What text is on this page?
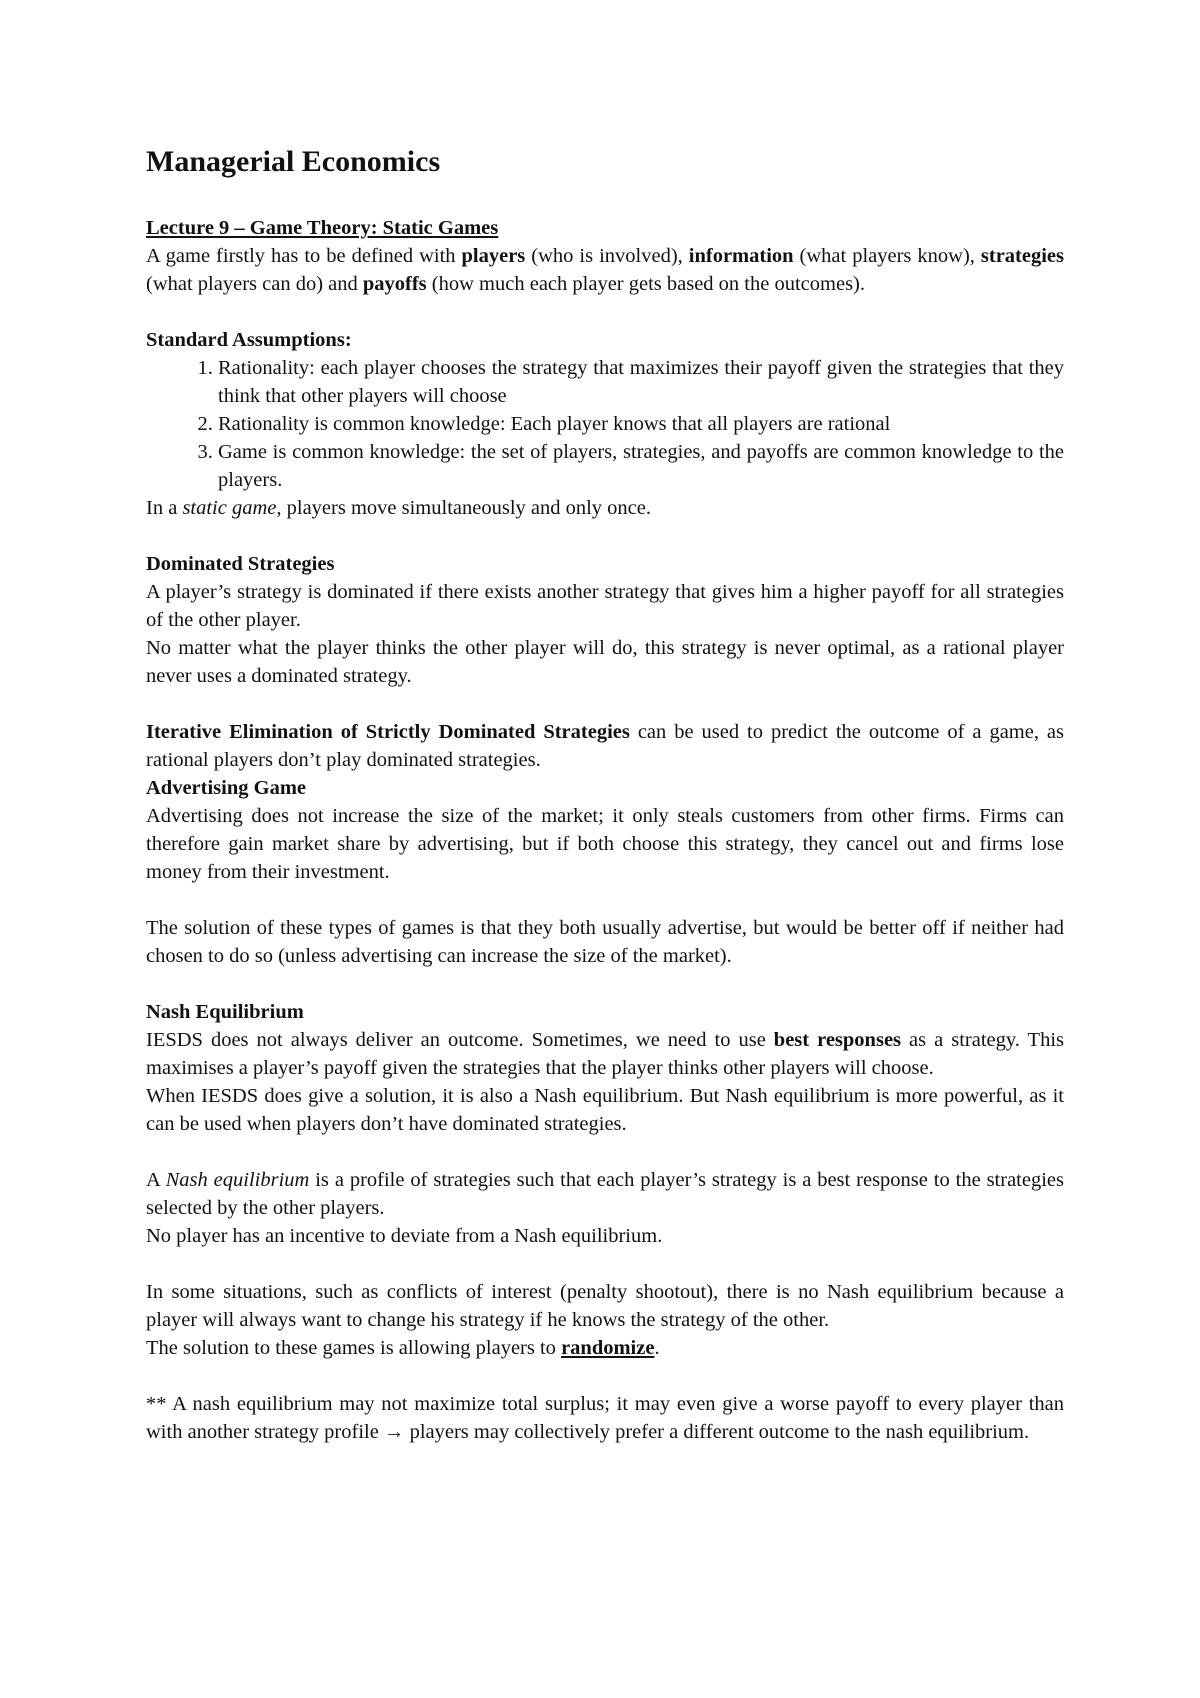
Managerial Economics

Lecture 9 – Game Theory: Static Games

A game firstly has to be defined with players (who is involved), information (what players know), strategies (what players can do) and payoffs (how much each player gets based on the outcomes).

Standard Assumptions:

1. Rationality: each player chooses the strategy that maximizes their payoff given the strategies that they think that other players will choose
2. Rationality is common knowledge: Each player knows that all players are rational
3. Game is common knowledge: the set of players, strategies, and payoffs are common knowledge to the players.

In a static game, players move simultaneously and only once.

Dominated Strategies

A player’s strategy is dominated if there exists another strategy that gives him a higher payoff for all strategies of the other player.

No matter what the player thinks the other player will do, this strategy is never optimal, as a rational player never uses a dominated strategy.

Iterative Elimination of Strictly Dominated Strategies can be used to predict the outcome of a game, as rational players don’t play dominated strategies.

Advertising Game

Advertising does not increase the size of the market; it only steals customers from other firms. Firms can therefore gain market share by advertising, but if both choose this strategy, they cancel out and firms lose money from their investment.

The solution of these types of games is that they both usually advertise, but would be better off if neither had chosen to do so (unless advertising can increase the size of the market).

Nash Equilibrium

IESDS does not always deliver an outcome. Sometimes, we need to use best responses as a strategy. This maximises a player’s payoff given the strategies that the player thinks other players will choose.

When IESDS does give a solution, it is also a Nash equilibrium. But Nash equilibrium is more powerful, as it can be used when players don’t have dominated strategies.

A Nash equilibrium is a profile of strategies such that each player’s strategy is a best response to the strategies selected by the other players.

No player has an incentive to deviate from a Nash equilibrium.

In some situations, such as conflicts of interest (penalty shootout), there is no Nash equilibrium because a player will always want to change his strategy if he knows the strategy of the other.

The solution to these games is allowing players to randomize.

** A nash equilibrium may not maximize total surplus; it may even give a worse payoff to every player than with another strategy profile → players may collectively prefer a different outcome to the nash equilibrium.
